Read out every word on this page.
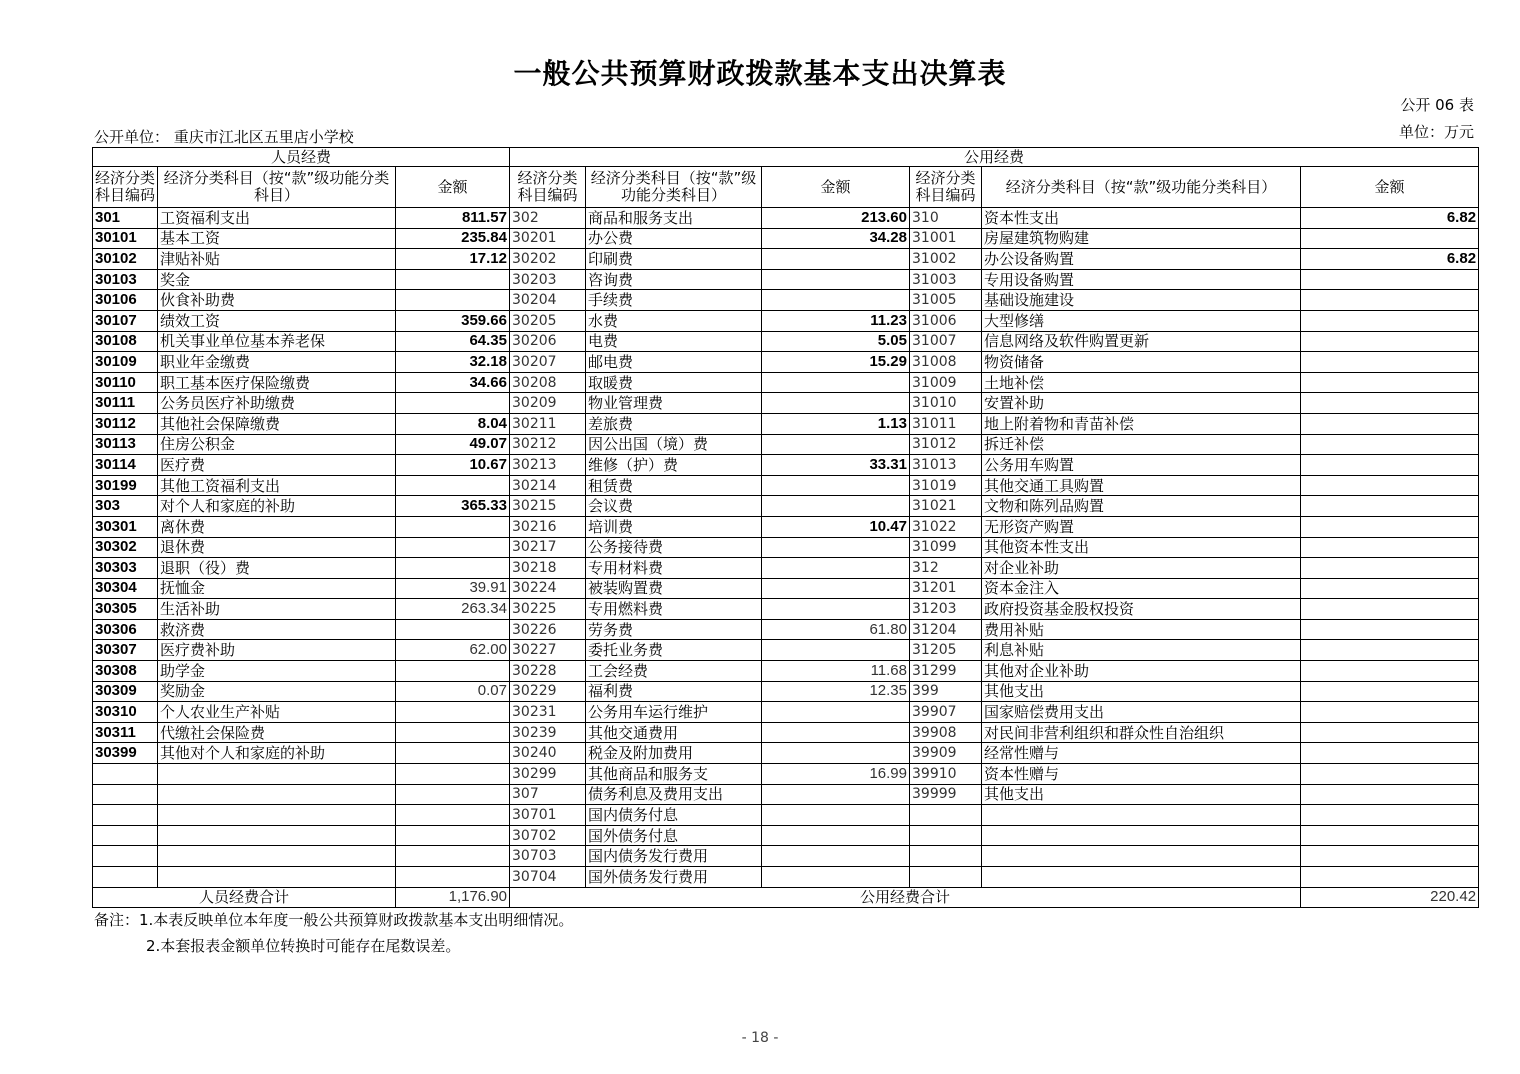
一般公共预算财政拨款基本支出决算表
公开 06 表
公开单位： 重庆市江北区五里店小学校	单位：万元
人员经费			公用经费					
经济分类科目编码	经济分类科目（按“款”级功能分类科目）	金额	经济分类科目编码	经济分类科目（按“款”级功能分类科目）	金额	经济分类科目编码	经济分类科目（按“款”级功能分类科目）	金额
301	工资福利支出	811.57	302	商品和服务支出	213.60	310	资本性支出	6.82
30101	基本工资	235.84	30201	办公费	34.28	31001	房屋建筑物购建	
30102	津贴补贴	17.12	30202	印刷费		31002	办公设备购置	6.82
30103	奖金		30203	咨询费		31003	专用设备购置	
30106	伙食补助费		30204	手续费		31005	基础设施建设	
30107	绩效工资	359.66	30205	水费	11.23	31006	大型修缮	
30108	机关事业单位基本养老保	64.35	30206	电费	5.05	31007	信息网络及软件购置更新	
30109	职业年金缴费	32.18	30207	邮电费	15.29	31008	物资储备	
30110	职工基本医疗保险缴费	34.66	30208	取暖费		31009	土地补偿	
30111	公务员医疗补助缴费		30209	物业管理费		31010	安置补助	
30112	其他社会保障缴费	8.04	30211	差旅费	1.13	31011	地上附着物和青苗补偿	
30113	住房公积金	49.07	30212	因公出国（境）费		31012	拆迁补偿	
30114	医疗费	10.67	30213	维修（护）费	33.31	31013	公务用车购置	
30199	其他工资福利支出		30214	租赁费		31019	其他交通工具购置	
303	对个人和家庭的补助	365.33	30215	会议费		31021	文物和陈列品购置	
30301	离休费		30216	培训费	10.47	31022	无形资产购置	
30302	退休费		30217	公务接待费		31099	其他资本性支出	
30303	退职（役）费		30218	专用材料费		312	对企业补助	
30304	抚恤金	39.91	30224	被装购置费		31201	资本金注入	
30305	生活补助	263.34	30225	专用燃料费		31203	政府投资基金股权投资	
30306	救济费		30226	劳务费	61.80	31204	费用补贴	
30307	医疗费补助	62.00	30227	委托业务费		31205	利息补贴	
30308	助学金		30228	工会经费	11.68	31299	其他对企业补助	
30309	奖励金	0.07	30229	福利费	12.35	399	其他支出	
30310	个人农业生产补贴		30231	公务用车运行维护		39907	国家赔偿费用支出	
30311	代缴社会保险费		30239	其他交通费用		39908	对民间非营利组织和群众性自治组织	
30399	其他对个人和家庭的补助		30240	税金及附加费用		39909	经常性赠与	
			30299	其他商品和服务支	16.99	39910	资本性赠与	
			307	债务利息及费用支出		39999	其他支出	
			30701	国内债务付息				
			30702	国外债务付息				
			30703	国内债务发行费用				
			30704	国外债务发行费用				
人员经费合计		1,176.90	公用经费合计					220.42
备注：1.本表反映单位本年度一般公共预算财政拨款基本支出明细情况。
2.本套报表金额单位转换时可能存在尾数误差。
- 18 -
